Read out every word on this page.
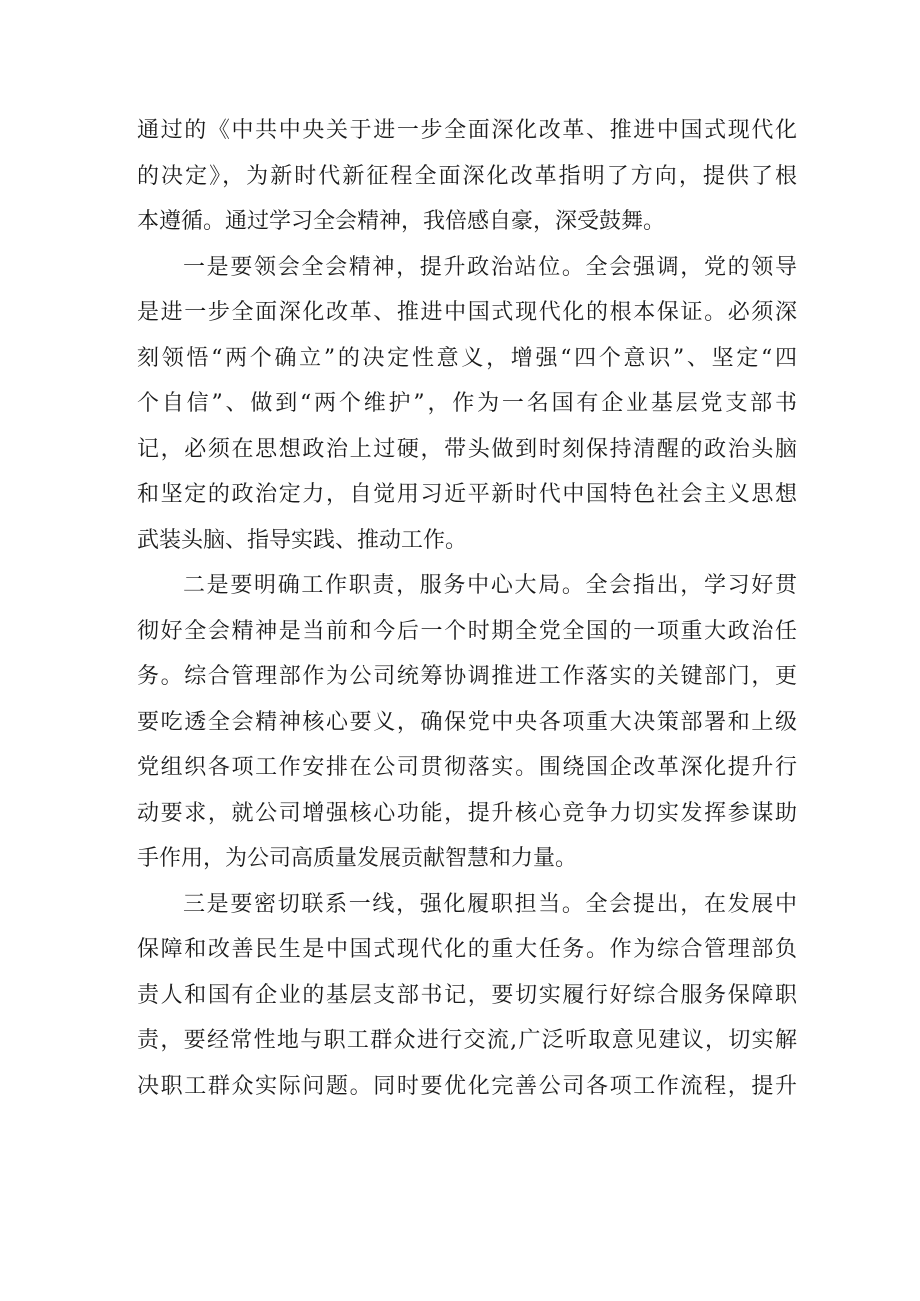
通过的《中共中央关于进一步全面深化改革、推进中国式现代化
的决定》，为新时代新征程全面深化改革指明了方向，提供了根
本遵循。通过学习全会精神，我倍感自豪，深受鼓舞。
一是要领会全会精神，提升政治站位。全会强调，党的领导
是进一步全面深化改革、推进中国式现代化的根本保证。必须深
刻领悟“两个确立”的决定性意义，增强“四个意识”、坚定“四
个自信”、做到“两个维护”，作为一名国有企业基层党支部书
记，必须在思想政治上过硬，带头做到时刻保持清醒的政治头脑
和坚定的政治定力，自觉用习近平新时代中国特色社会主义思想
武装头脑、指导实践、推动工作。
二是要明确工作职责，服务中心大局。全会指出，学习好贯
彻好全会精神是当前和今后一个时期全党全国的一项重大政治任
务。综合管理部作为公司统筹协调推进工作落实的关键部门，更
要吃透全会精神核心要义，确保党中央各项重大决策部署和上级
党组织各项工作安排在公司贯彻落实。围绕国企改革深化提升行
动要求，就公司增强核心功能，提升核心竞争力切实发挥参谋助
手作用，为公司高质量发展贡献智慧和力量。
三是要密切联系一线，强化履职担当。全会提出，在发展中
保障和改善民生是中国式现代化的重大任务。作为综合管理部负
责人和国有企业的基层支部书记，要切实履行好综合服务保障职
责，要经常性地与职工群众进行交流,广泛听取意见建议，切实解
决职工群众实际问题。同时要优化完善公司各项工作流程，提升
